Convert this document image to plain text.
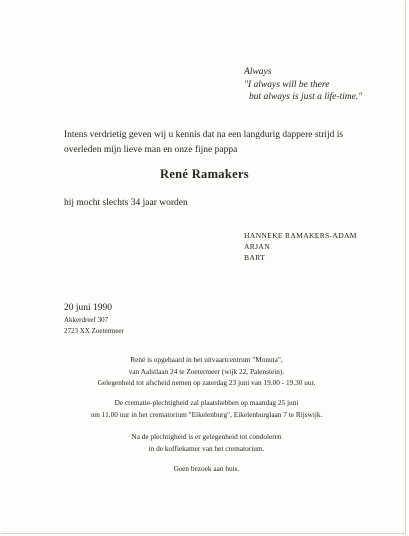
Always
"I always will be there
but always is just a life-time."
Intens verdrietig geven wij u kennis dat na een langdurig dappere strijd is
overleden mijn lieve man en onze fijne pappa
René Ramakers
hij mocht slechts 34 jaar worden
HANNEKE RAMAKERS-ADAM
ARJAN
BART
20 juni 1990
Akkerdreef 307
2723 XX Zoetermeer
René is opgebaard in het uitvaartcentrum "Monuta",
van Aalstlaan 24 te Zoetermeer (wijk 22, Palenstein).
Gelegenheid tot afscheid nemen op zaterdag 23 juni van 19.00 - 19.30 uur.
De crematie-plechtigheid zal plaatshebben op maandag 25 juni
om 11.00 uur in het crematorium "Eikelenburg", Eikelenburglaan 7 te Rijswijk.
Na de plechtigheid is er gelegenheid tot condoleren
in de koffiekamer van het crematorium.
Geen bezoek aan huis.
